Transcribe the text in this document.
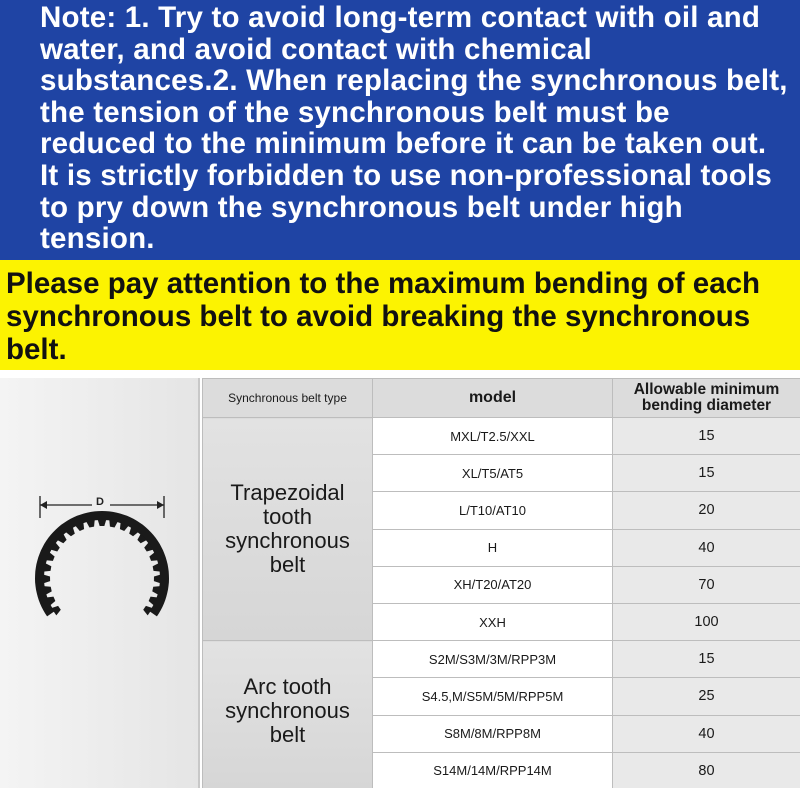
Note: 1. Try to avoid long-term contact with oil and water, and avoid contact with chemical substances.2. When replacing the synchronous belt, the tension of the synchronous belt must be reduced to the minimum before it can be taken out. It is strictly forbidden to use non-professional tools to pry down the synchronous belt under high tension.

Please pay attention to the maximum bending of each synchronous belt to avoid breaking the synchronous belt.

D
Synchronous belt type	model	Allowable minimum
bending diameter
Trapezoidal
tooth
synchronous
belt	MXL/T2.5/XXL	15
	XL/T5/AT5	15
	L/T10/AT10	20
	H	40
	XH/T20/AT20	70
	XXH	100
Arc tooth
synchronous
belt	S2M/S3M/3M/RPP3M	15
	S4.5,M/S5M/5M/RPP5M	25
	S8M/8M/RPP8M	40
	S14M/14M/RPP14M	80
